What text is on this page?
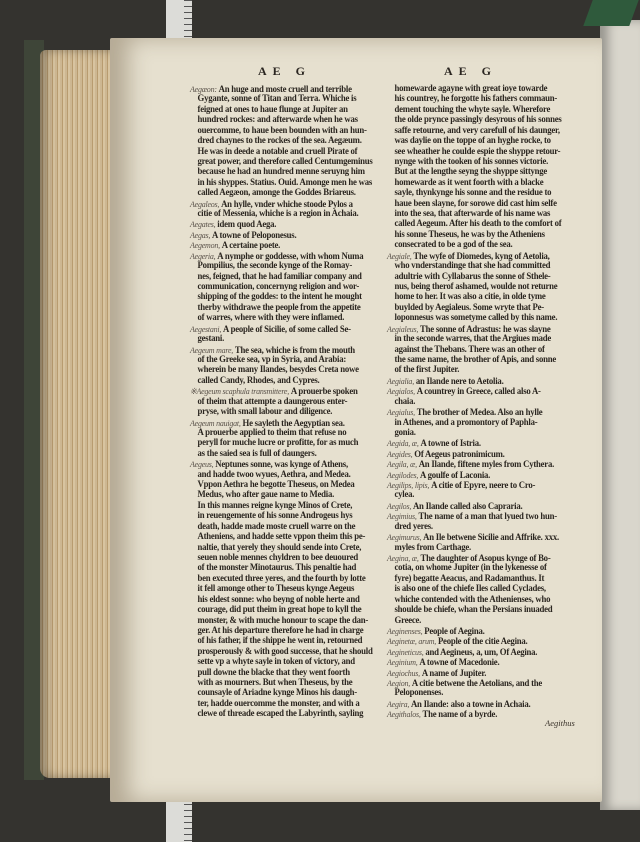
AE G	AE G
Aegæon: An huge and moste cruell and terrible
Gygante, sonne of Titan and Terra. Whiche is
feigned at ones to haue flunge at Jupiter an
hundred rockes: and afterwarde when he was
ouercomme, to haue been bounden with an hun-
dred chaynes to the rockes of the sea. Aegæum.
He was in deede a notable and cruell Pirate of
great power, and therefore called Centumgeminus
because he had an hundred menne seruyng him
in his shyppes. Statius. Ouid. Amonge men he was
called Aegæon, amonge the Goddes Briareus.
Aegaleos, An hylle, vnder whiche stoode Pylos a
citie of Messenia, whiche is a region in Achaia.
Aegates, idem quod Aega.
Aegas, A towne of Peloponesus.
Aegemon, A certaine poete.
Aegeria, A nymphe or goddesse, with whom Numa
Pompilius, the seconde kynge of the Romay-
nes, feigned, that he had familiar company and
communication, concernyng religion and wor-
shipping of the goddes: to the intent he mought
therby withdrawe the people from the appetite
of warres, where with they were inflamed.
Aegestani, A people of Sicilie, of some called Se-
gestani.
Aegeum mare, The sea, whiche is from the mouth
of the Greeke sea, vp in Syria, and Arabia:
wherein be many Ilandes, besydes Creta nowe
called Candy, Rhodes, and Cypres.
※Aegeum scaphula transmittere, A prouerbe spoken
of theim that attempte a daungerous enter-
pryse, with small labour and diligence.
Aegeum nauigat, He sayleth the Aegyptian sea.
A prouerbe applied to theim that refuse no
peryll for muche lucre or profitte, for as much
as the saied sea is full of daungers.
Aegeus, Neptunes sonne, was kynge of Athens,
and hadde twoo wyues, Aethra, and Medea.
Vppon Aethra he begotte Theseus, on Medea
Medus, who after gaue name to Media.
In this mannes reigne kynge Minos of Crete,
in reuengemente of his sonne Androgeus hys
death, hadde made moste cruell warre on the
Atheniens, and hadde sette vppon theim this pe-
naltie, that yerely they should sende into Crete,
seuen noble mennes chyldren to bee deuoured
of the monster Minotaurus. This penaltie had
ben executed three yeres, and the fourth by lotte
it fell amonge other to Theseus kynge Aegeus
his eldest sonne: who beyng of noble herte and
courage, did put theim in great hope to kyll the
monster, & with muche honour to scape the dan-
ger. At his departure therefore he had in charge
of his father, if the shippe he went in, retourned
prosperously & with good successe, that he should
sette vp a whyte sayle in token of victory, and
pull downe the blacke that they went foorth
with as mourners. But when Theseus, by the
counsayle of Ariadne kynge Minos his daugh-
ter, hadde ouercomme the monster, and with a
clewe of threade escaped the Labyrinth, sayling
homewarde agayne with great ioye towarde
his countrey, he forgotte his fathers commaun-
dement touching the whyte sayle. Wherefore
the olde prynce passingly desyrous of his sonnes
saffe retourne, and very carefull of his daunger,
was daylie on the toppe of an hyghe rocke, to
see wheather he coulde espie the shyppe retour-
nynge with the tooken of his sonnes victorie.
But at the lengthe seyng the shyppe sittynge
homewarde as it went foorth with a blacke
sayle, thynkynge his sonne and the residue to
haue been slayne, for sorowe did cast him selfe
into the sea, that afterwarde of his name was
called Aegeum. After his death to the comfort of
his sonne Theseus, he was by the Atheniens
consecrated to be a god of the sea.
Aegiale, The wyfe of Diomedes, kyng of Aetolia,
who vnderstandinge that she had committed
adultrie with Cyllabarus the sonne of Sthele-
nus, being therof ashamed, woulde not returne
home to her. It was also a citie, in olde tyme
buylded by Aegialeus. Some wryte that Pe-
loponnesus was sometyme called by this name.
Aegialeus, The sonne of Adrastus: he was slayne
in the seconde warres, that the Argiues made
against the Thebans. There was an other of
the same name, the brother of Apis, and sonne
of the first Jupiter.
Aegialia, an Ilande nere to Aetolia.
Aegialos, A countrey in Greece, called also A-
chaia.
Aegialus, The brother of Medea. Also an hylle
in Athenes, and a promontory of Paphla-
gonia.
Aegida, æ, A towne of Istria.
Aegides, Of Aegeus patronimicum.
Aegila, æ, An Ilande, fiftene myles from Cythera.
Aegilodes, A goulfe of Laconia.
Aegilips, lipis, A citie of Epyre, neere to Cro-
cylea.
Aegilos, An Ilande called also Capraria.
Aegimius, The name of a man that lyued two hun-
dred yeres.
Aegimurus, An Ile betwene Sicilie and Affrike. xxx.
myles from Carthage.
Aegina, æ, The daughter of Asopus kynge of Bo-
cotia, on whome Jupiter (in the lykenesse of
fyre) begatte Aeacus, and Radamanthus. It
is also one of the chiefe Iles called Cyclades,
whiche contended with the Athenienses, who
shoulde be chiefe, whan the Persians inuaded
Greece.
Aeginenses, People of Aegina.
Aeginetæ, arum, People of the citie Aegina.
Aegineticus, and Aegineus, a, um, Of Aegina.
Aeginium, A towne of Macedonie.
Aegiochus, A name of Jupiter.
Aegion, A citie betwene the Aetolians, and the
Peloponenses.
Aegira, An Ilande: also a towne in Achaia.
Aegithalos, The name of a byrde.
Aegithus
